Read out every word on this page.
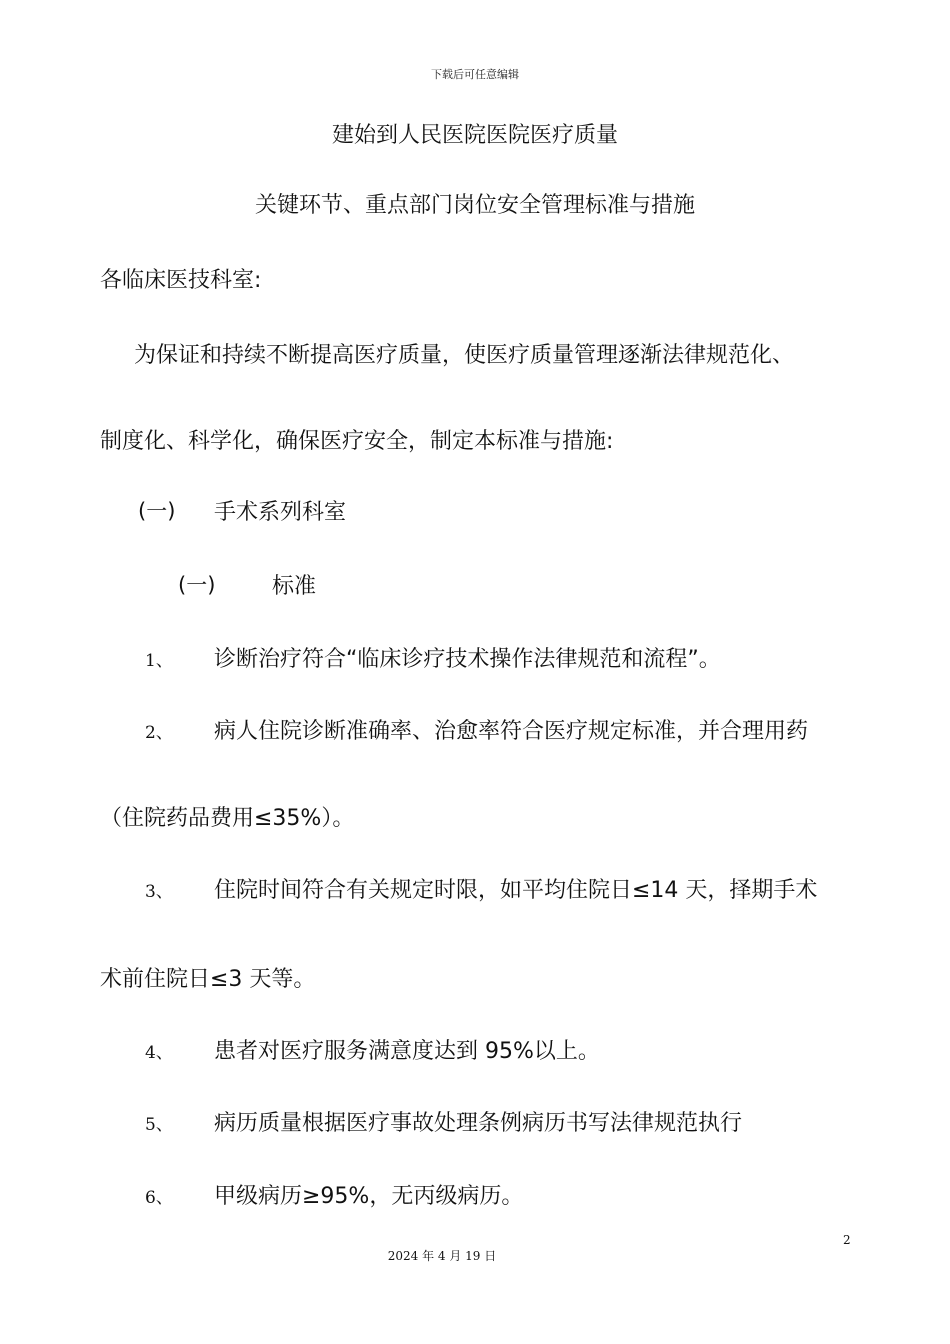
下载后可任意编辑
建始到人民医院医院医疗质量
关键环节、重点部门岗位安全管理标准与措施
各临床医技科室:
为保证和持续不断提高医疗质量，使医疗质量管理逐渐法律规范化、
制度化、科学化，确保医疗安全，制定本标准与措施:
(一) 手术系列科室
(一)	标准
1、 诊断治疗符合“临床诊疗技术操作法律规范和流程”。
2、 病人住院诊断准确率、治愈率符合医疗规定标准，并合理用药
（住院药品费用≤35%）。
3、 住院时间符合有关规定时限，如平均住院日≤14 天，择期手术
术前住院日≤3 天等。
4、 患者对医疗服务满意度达到 95%以上。
5、 病历质量根据医疗事故处理条例病历书写法律规范执行
6、 甲级病历≥95%，无丙级病历。
2
2024 年 4 月 19 日
